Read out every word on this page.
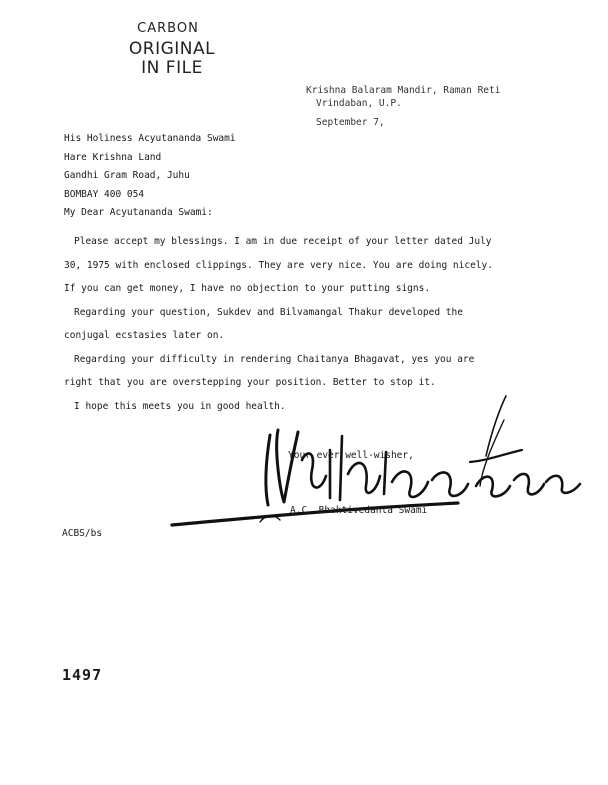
CARBON
ORIGINAL
IN FILE
Krishna Balaram Mandir, Raman Reti
Vrindaban, U.P.
September 7,
His Holiness Acyutananda Swami
Hare Krishna Land
Gandhi Gram Road, Juhu
BOMBAY 400 054
My Dear Acyutananda Swami:
Please accept my blessings. I am in due receipt of your letter dated July
30, 1975 with enclosed clippings. They are very nice. You are doing nicely.
If you can get money, I have no objection to your putting signs.
Regarding your question, Sukdev and Bilvamangal Thakur developed the
conjugal ecstasies later on.
Regarding your difficulty in rendering Chaitanya Bhagavat, yes you are
right that you are overstepping your position. Better to stop it.
I hope this meets you in good health.
Your ever well-wisher,
A.C. Bhaktivedanta Swami
ACBS/bs
1497
